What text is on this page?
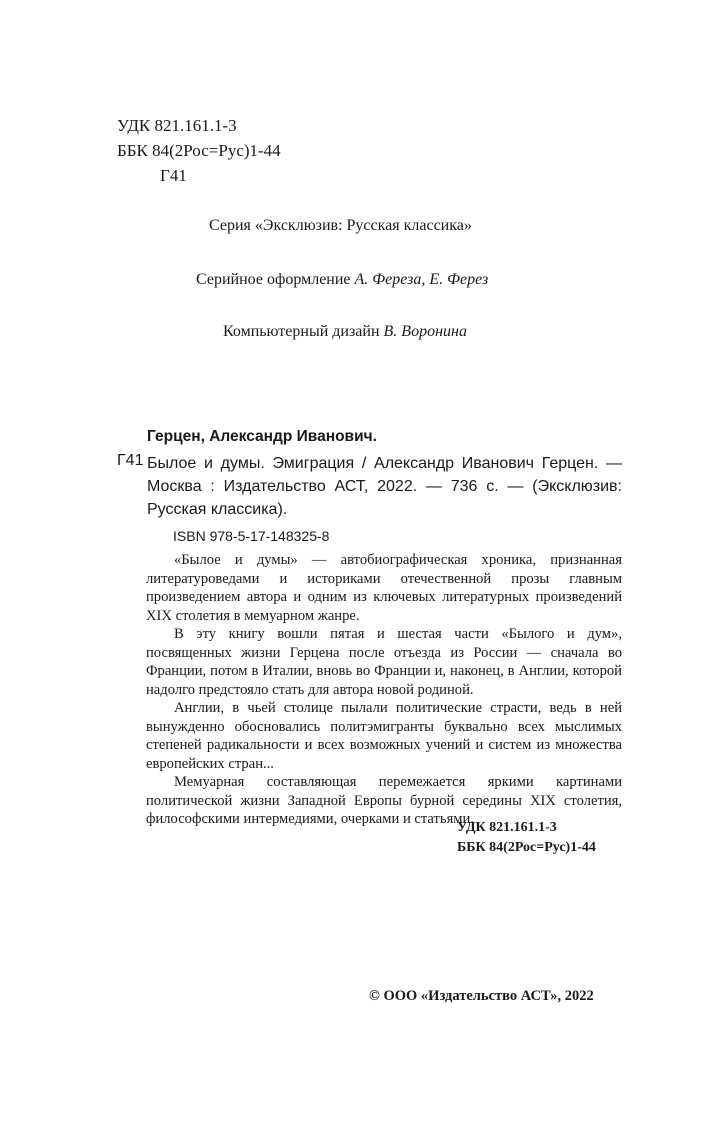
УДК 821.161.1-3
ББК 84(2Рос=Рус)1-44
Г41
Серия «Эксклюзив: Русская классика»
Серийное оформление А. Фереза, Е. Ферез
Компьютерный дизайн В. Воронина
Герцен, Александр Иванович.
Г41 Былое и думы. Эмиграция / Александр Иванович Герцен. — Москва : Издательство АСТ, 2022. — 736 с. — (Эксклюзив: Русская классика).
ISBN 978-5-17-148325-8

«Былое и думы» — автобиографическая хроника, признанная литературоведами и историками отечественной прозы главным произведением автора и одним из ключевых литературных произведений XIX столетия в мемуарном жанре.

В эту книгу вошли пятая и шестая части «Былого и дум», посвященных жизни Герцена после отъезда из России — сначала во Франции, потом в Италии, вновь во Франции и, наконец, в Англии, которой надолго предстояло стать для автора новой родиной.

Англии, в чьей столице пылали политические страсти, ведь в ней вынужденно обосновались политэмигранты буквально всех мыслимых степеней радикальности и всех возможных учений и систем из множества европейских стран...

Мемуарная составляющая перемежается яркими картинами политической жизни Западной Европы бурной середины XIX столетия, философскими интермедиями, очерками и статьями.

УДК 821.161.1-3
ББК 84(2Рос=Рус)1-44
© ООО «Издательство АСТ», 2022
